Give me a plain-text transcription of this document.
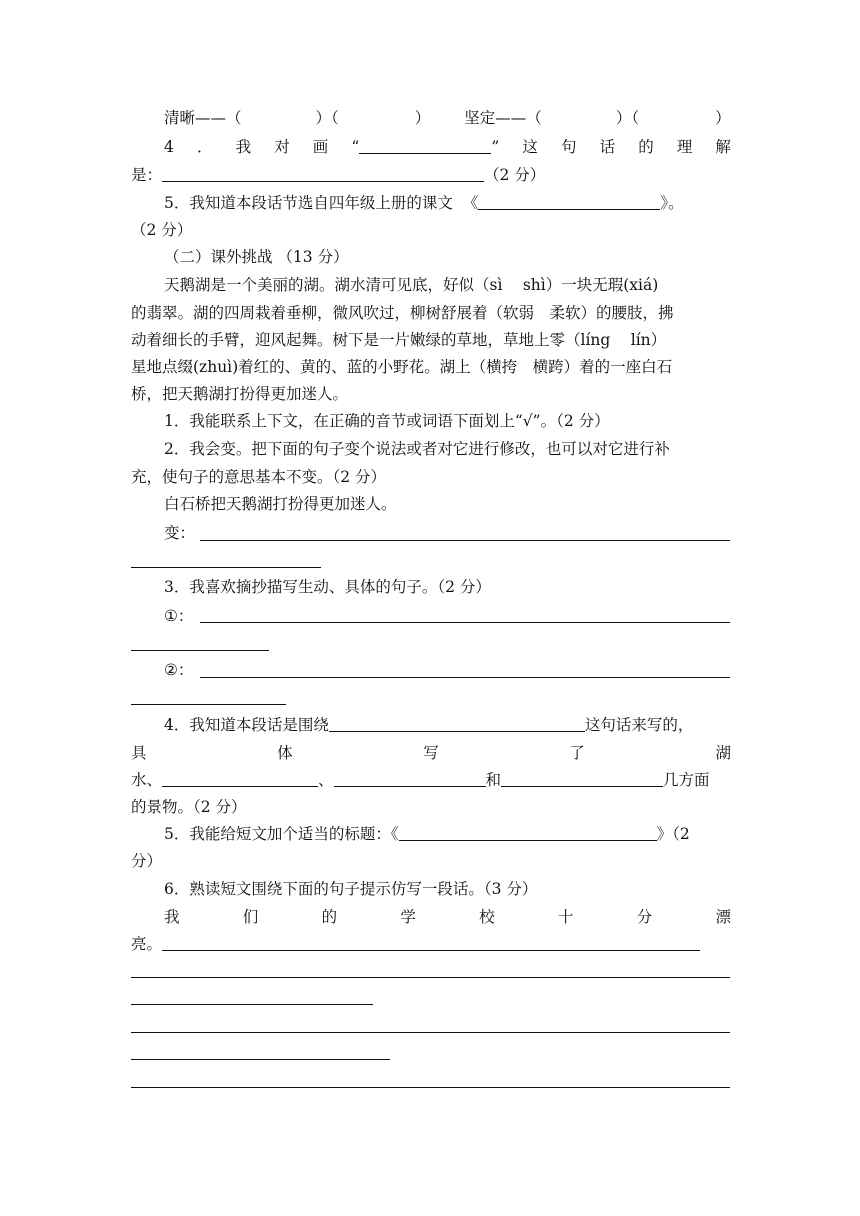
清晰——（	）（	） 坚定——（	）（	）
4 ． 我 对 画 “	” 这 句 话 的 理 解
是：	（2 分）
5．我知道本段话节选自四年级上册的课文 《	》。
（2 分）
（二）课外挑战 （13 分）
天鹅湖是一个美丽的湖。湖水清可见底，好似（sì　 shì）一块无瑕(xiá)
的翡翠。湖的四周栽着垂柳，微风吹过，柳树舒展着（软弱　柔软）的腰肢，拂
动着细长的手臂，迎风起舞。树下是一片嫩绿的草地，草地上零（líng　 lín）
星地点缀(zhuì)着红的、黄的、蓝的小野花。湖上（横挎　横跨）着的一座白石
桥，把天鹅湖打扮得更加迷人。
1．我能联系上下文，在正确的音节或词语下面划上“√”。（2 分）
2．我会变。把下面的句子变个说法或者对它进行修改，也可以对它进行补
充，使句子的意思基本不变。（2 分）
白石桥把天鹅湖打扮得更加迷人。
变：
3．我喜欢摘抄描写生动、具体的句子。（2 分）
①：
②：
4．我知道本段话是围绕	这句话来写的，
具	体	写	了	湖
水、	、	和	几方面
的景物。（2 分）
5．我能给短文加个适当的标题：《	》（2
分）
6．熟读短文围绕下面的句子提示仿写一段话。（3 分）
我	们	的	学	校	十	分	漂
亮。
